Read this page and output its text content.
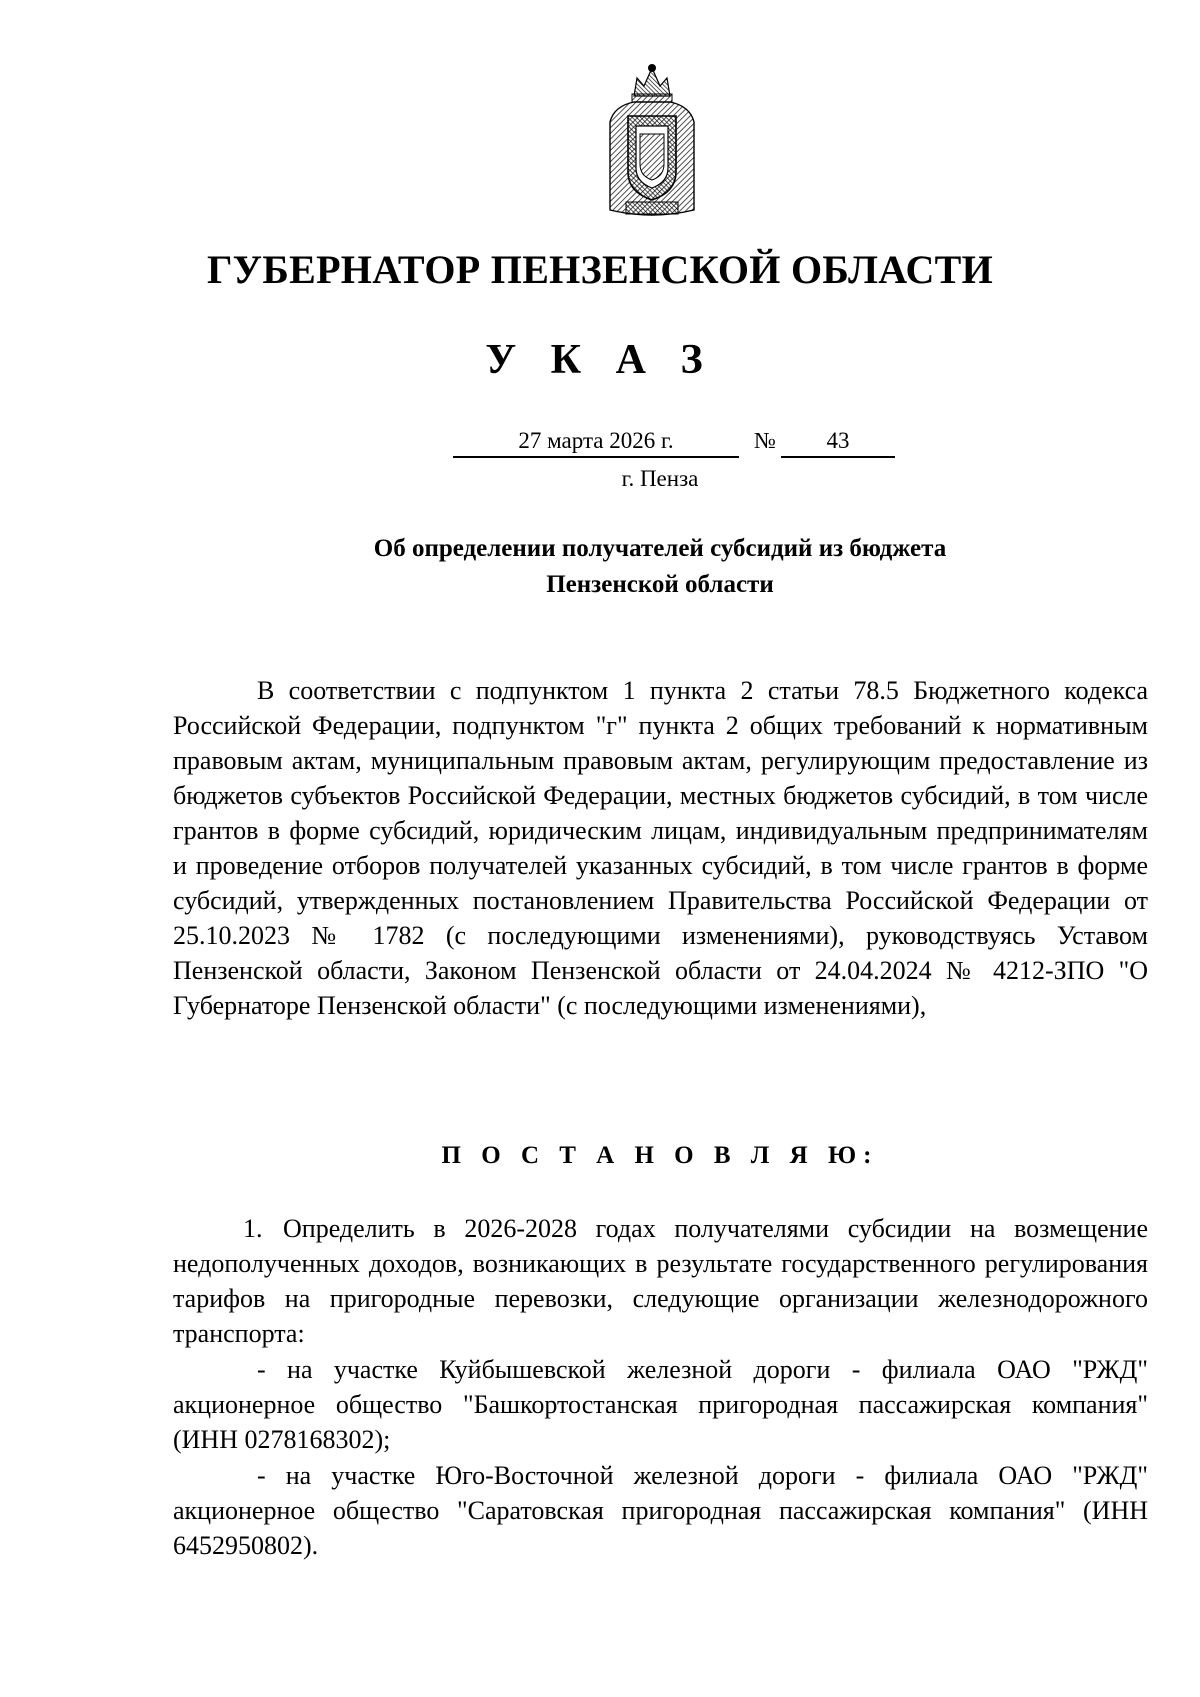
ГУБЕРНАТОР ПЕНЗЕНСКОЙ ОБЛАСТИ
У К А З
27 марта 2026 г.	№	43
г. Пенза
Об определении получателей субсидий из бюджета
Пензенской области

В соответствии с подпунктом 1 пункта 2 статьи 78.5 Бюджетного кодекса Российской Федерации, подпунктом "г" пункта 2 общих требований к нормативным правовым актам, муниципальным правовым актам, регулирующим предоставление из бюджетов субъектов Российской Федерации, местных бюджетов субсидий, в том числе грантов в форме субсидий, юридическим лицам, индивидуальным предпринимателям и проведение отборов получателей указанных субсидий, в том числе грантов в форме субсидий, утвержденных постановлением Правительства Российской Федерации от 25.10.2023 № 1782 (с последующими изменениями), руководствуясь Уставом Пензенской области, Законом Пензенской области от 24.04.2024 № 4212-ЗПО "О Губернаторе Пензенской области" (с последующими изменениями),

П О С Т А Н О В Л Я Ю:

1. Определить в 2026-2028 годах получателями субсидии на возмещение недополученных доходов, возникающих в результате государственного регулирования тарифов на пригородные перевозки, следующие организации железнодорожного транспорта:

- на участке Куйбышевской железной дороги - филиала ОАО "РЖД" акционерное общество "Башкортостанская пригородная пассажирская компания" (ИНН 0278168302);

- на участке Юго-Восточной железной дороги - филиала ОАО "РЖД" акционерное общество "Саратовская пригородная пассажирская компания" (ИНН 6452950802).
